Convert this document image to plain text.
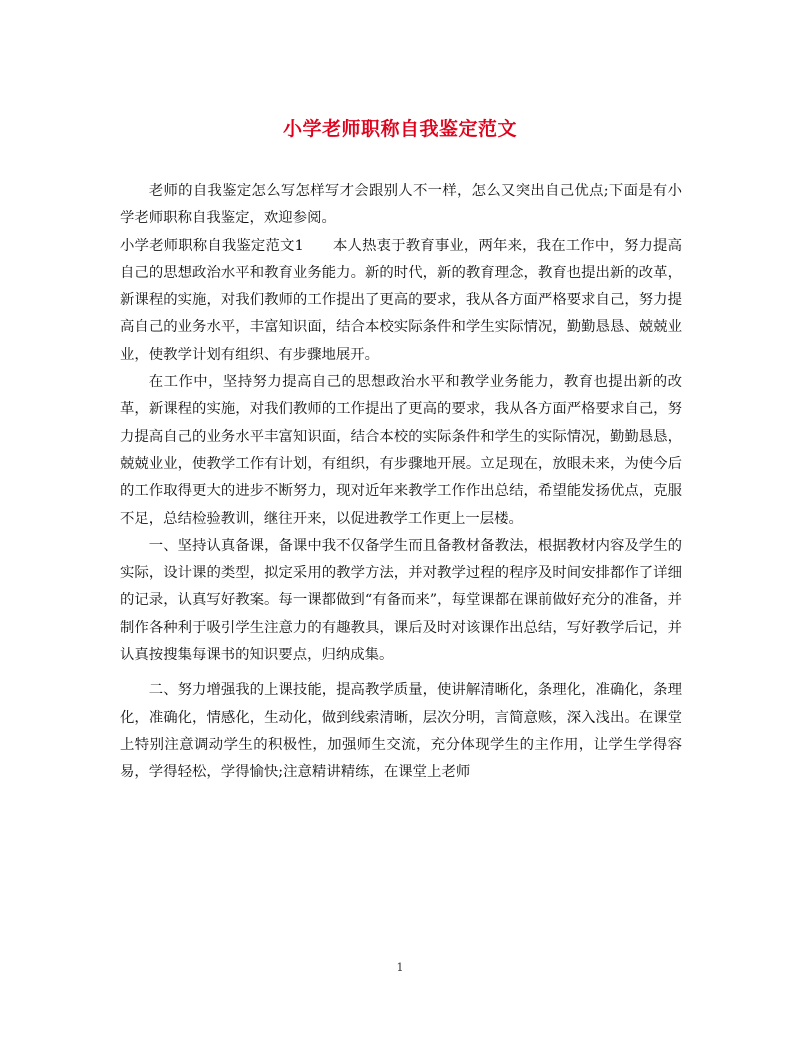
小学老师职称自我鉴定范文

老师的自我鉴定怎么写怎样写才会跟别人不一样，怎么又突出自己优点;下面是有小学老师职称自我鉴定，欢迎参阅。

小学老师职称自我鉴定范文1　　本人热衷于教育事业，两年来，我在工作中，努力提高自己的思想政治水平和教育业务能力。新的时代，新的教育理念，教育也提出新的改革，新课程的实施，对我们教师的工作提出了更高的要求，我从各方面严格要求自己，努力提高自己的业务水平，丰富知识面，结合本校实际条件和学生实际情况，勤勤恳恳、兢兢业业，使教学计划有组织、有步骤地展开。

在工作中，坚持努力提高自己的思想政治水平和教学业务能力，教育也提出新的改革，新课程的实施，对我们教师的工作提出了更高的要求，我从各方面严格要求自己，努力提高自己的业务水平丰富知识面，结合本校的实际条件和学生的实际情况，勤勤恳恳，兢兢业业，使教学工作有计划，有组织，有步骤地开展。立足现在，放眼未来，为使今后的工作取得更大的进步不断努力，现对近年来教学工作作出总结，希望能发扬优点，克服不足，总结检验教训，继往开来，以促进教学工作更上一层楼。

一、坚持认真备课，备课中我不仅备学生而且备教材备教法，根据教材内容及学生的实际，设计课的类型，拟定采用的教学方法，并对教学过程的程序及时间安排都作了详细的记录，认真写好教案。每一课都做到“有备而来”，每堂课都在课前做好充分的准备，并制作各种利于吸引学生注意力的有趣教具，课后及时对该课作出总结，写好教学后记，并认真按搜集每课书的知识要点，归纳成集。

二、努力增强我的上课技能，提高教学质量，使讲解清晰化，条理化，准确化，条理化，准确化，情感化，生动化，做到线索清晰，层次分明，言简意赅，深入浅出。在课堂上特别注意调动学生的积极性，加强师生交流，充分体现学生的主作用，让学生学得容易，学得轻松，学得愉快;注意精讲精练，在课堂上老师

1
